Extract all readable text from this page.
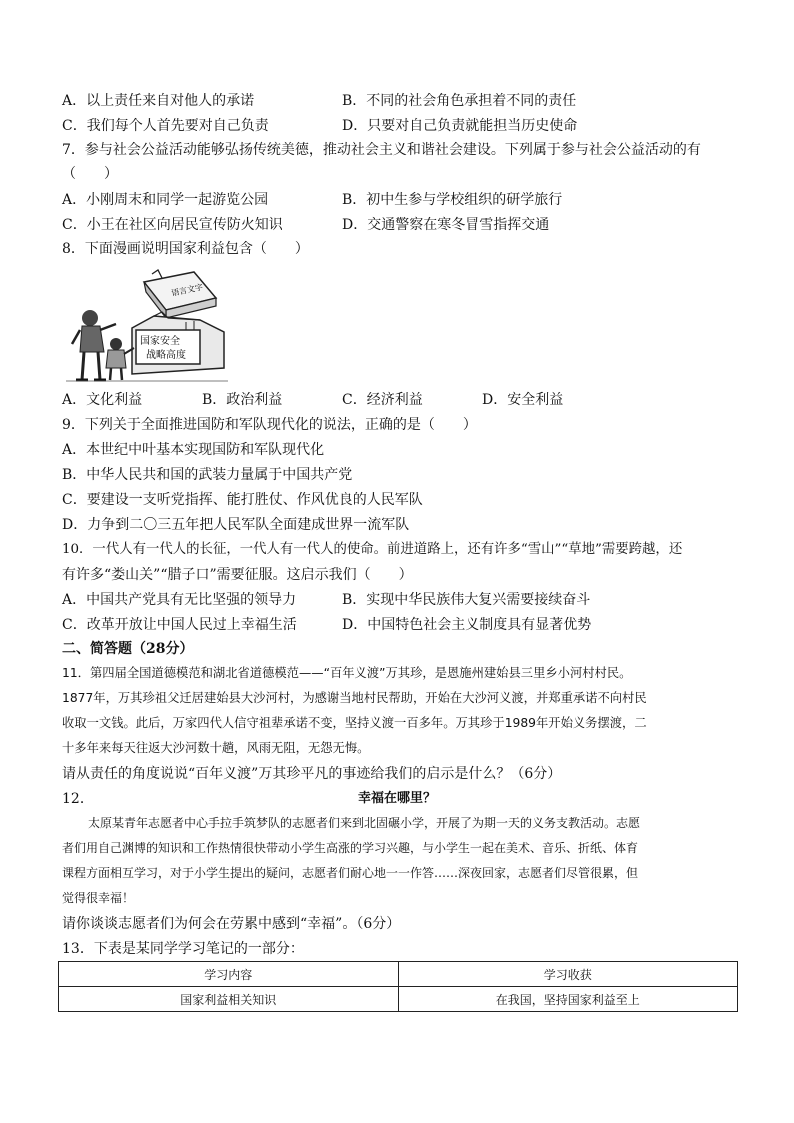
A．以上责任来自对他人的承诺	B．不同的社会角色承担着不同的责任
C．我们每个人首先要对自己负责	D．只要对自己负责就能担当历史使命
7．参与社会公益活动能够弘扬传统美德，推动社会主义和谐社会建设。下列属于参与社会公益活动的有
（　　）
A．小刚周末和同学一起游览公园	B．初中生参与学校组织的研学旅行
C．小王在社区向居民宣传防火知识	D．交通警察在寒冬冒雪指挥交通
8．下面漫画说明国家利益包含（　　）
语言文字
国家安全
战略高度
A．文化利益	B．政治利益	C．经济利益	D．安全利益
9．下列关于全面推进国防和军队现代化的说法，正确的是（　　）
A．本世纪中叶基本实现国防和军队现代化
B．中华人民共和国的武装力量属于中国共产党
C．要建设一支听党指挥、能打胜仗、作风优良的人民军队
D．力争到二〇三五年把人民军队全面建成世界一流军队
10．一代人有一代人的长征，一代人有一代人的使命。前进道路上，还有许多“雪山”“草地”需要跨越，还
有许多“娄山关”“腊子口”需要征服。这启示我们（　　）
A．中国共产党具有无比坚强的领导力	B．实现中华民族伟大复兴需要接续奋斗
C．改革开放让中国人民过上幸福生活	D．中国特色社会主义制度具有显著优势
二、简答题（28分）
11．第四届全国道德模范和湖北省道德模范——“百年义渡”万其珍，是恩施州建始县三里乡小河村村民。
1877年，万其珍祖父迁居建始县大沙河村，为感谢当地村民帮助，开始在大沙河义渡，并郑重承诺不向村民
收取一文钱。此后，万家四代人信守祖辈承诺不变，坚持义渡一百多年。万其珍于1989年开始义务摆渡，二
十多年来每天往返大沙河数十趟，风雨无阻，无怨无悔。
请从责任的角度说说“百年义渡”万其珍平凡的事迹给我们的启示是什么？（6分）
12．	幸福在哪里？
太原某青年志愿者中心手拉手筑梦队的志愿者们来到北固碾小学，开展了为期一天的义务支教活动。志愿
者们用自己渊博的知识和工作热情很快带动小学生高涨的学习兴趣，与小学生一起在美术、音乐、折纸、体育
课程方面相互学习，对于小学生提出的疑问，志愿者们耐心地一一作答……深夜回家，志愿者们尽管很累，但
觉得很幸福！
请你谈谈志愿者们为何会在劳累中感到“幸福”。（6分）
13．下表是某同学学习笔记的一部分：
学习内容	学习收获
国家利益相关知识	在我国，坚持国家利益至上
